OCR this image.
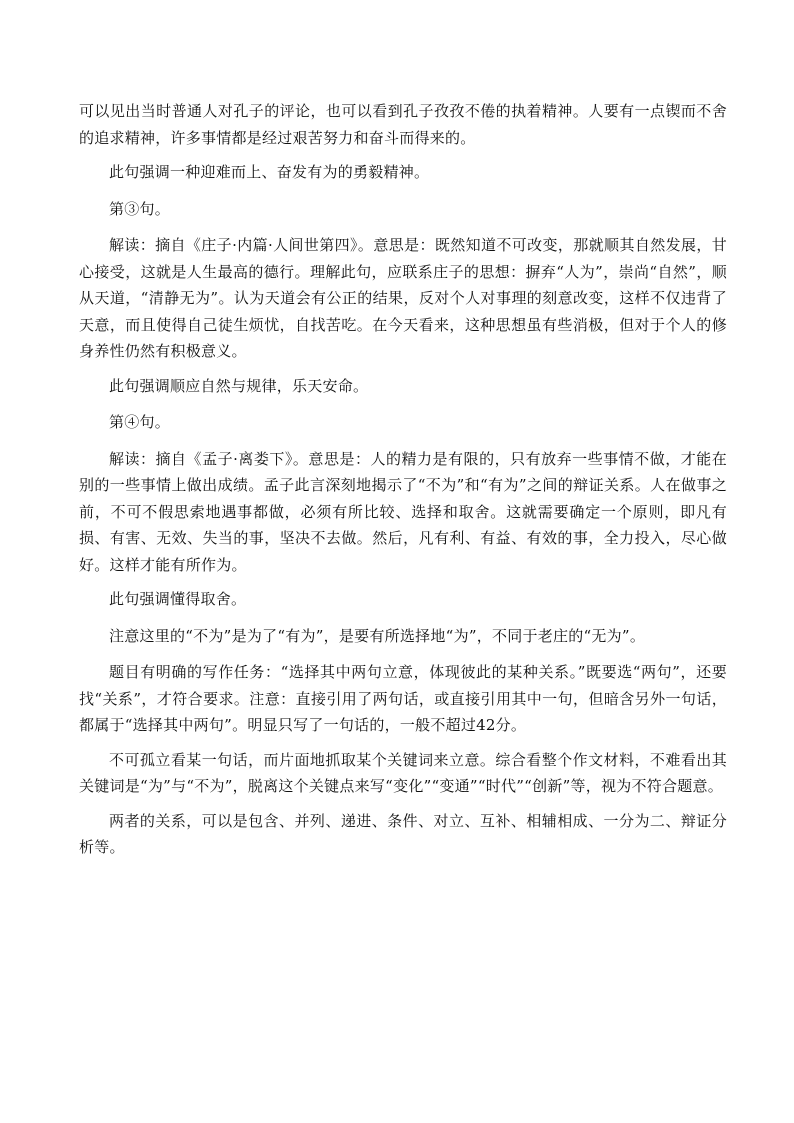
可以见出当时普通人对孔子的评论，也可以看到孔子孜孜不倦的执着精神。人要有一点锲而不舍的追求精神，许多事情都是经过艰苦努力和奋斗而得来的。

此句强调一种迎难而上、奋发有为的勇毅精神。

第③句。

解读：摘自《庄子·内篇·人间世第四》。意思是：既然知道不可改变，那就顺其自然发展，甘心接受，这就是人生最高的德行。理解此句，应联系庄子的思想：摒弃“人为”，崇尚“自然”，顺从天道，“清静无为”。认为天道会有公正的结果，反对个人对事理的刻意改变，这样不仅违背了天意，而且使得自己徒生烦忧，自找苦吃。在今天看来，这种思想虽有些消极，但对于个人的修身养性仍然有积极意义。

此句强调顺应自然与规律，乐天安命。

第④句。

解读：摘自《孟子·离娄下》。意思是：人的精力是有限的，只有放弃一些事情不做，才能在别的一些事情上做出成绩。孟子此言深刻地揭示了“不为”和“有为”之间的辩证关系。人在做事之前，不可不假思索地遇事都做，必须有所比较、选择和取舍。这就需要确定一个原则，即凡有损、有害、无效、失当的事，坚决不去做。然后，凡有利、有益、有效的事，全力投入，尽心做好。这样才能有所作为。

此句强调懂得取舍。

注意这里的“不为”是为了“有为”，是要有所选择地“为”，不同于老庄的“无为”。

题目有明确的写作任务：“选择其中两句立意，体现彼此的某种关系。”既要选“两句”，还要找“关系”，才符合要求。注意：直接引用了两句话，或直接引用其中一句，但暗含另外一句话，都属于“选择其中两句”。明显只写了一句话的，一般不超过42分。

不可孤立看某一句话，而片面地抓取某个关键词来立意。综合看整个作文材料，不难看出其关键词是“为”与“不为”，脱离这个关键点来写“变化”“变通”“时代”“创新”等，视为不符合题意。

两者的关系，可以是包含、并列、递进、条件、对立、互补、相辅相成、一分为二、辩证分析等。
